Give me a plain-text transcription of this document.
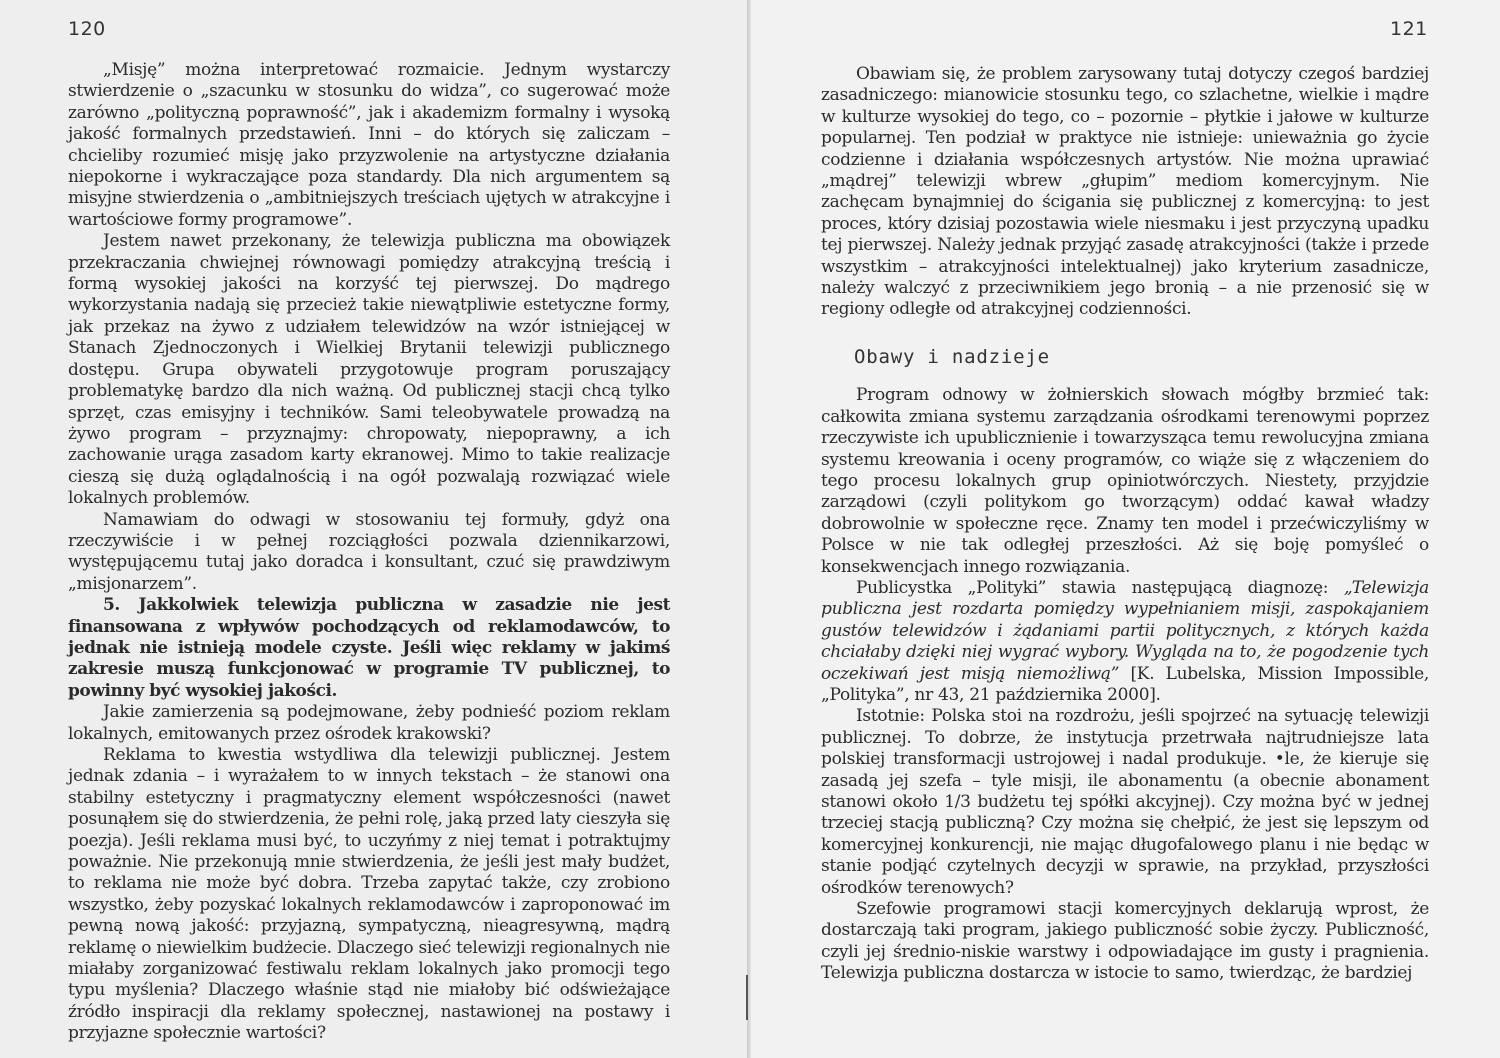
120

„Misję” można interpretować rozmaicie. Jednym wystarczy stwierdzenie o „szacunku w stosunku do widza”, co sugerować może zarówno „polityczną poprawność”, jak i akademizm formalny i wysoką jakość formalnych przedstawień. Inni – do których się zaliczam – chcieliby rozumieć misję jako przyzwolenie na artystyczne działania niepokorne i wykraczające poza standardy. Dla nich argumentem są misyjne stwierdzenia o „ambitniejszych treściach ujętych w atrakcyjne i wartościowe formy programowe”.

Jestem nawet przekonany, że telewizja publiczna ma obowiązek przekraczania chwiejnej równowagi pomiędzy atrakcyjną treścią i formą wysokiej jakości na korzyść tej pierwszej. Do mądrego wykorzystania nadają się przecież takie niewątpliwie estetyczne formy, jak przekaz na żywo z udziałem telewidzów na wzór istniejącej w Stanach Zjednoczonych i Wielkiej Brytanii telewizji publicznego dostępu. Grupa obywateli przygotowuje program poruszający problematykę bardzo dla nich ważną. Od publicznej stacji chcą tylko sprzęt, czas emisyjny i techników. Sami teleobywatele prowadzą na żywo program – przyznajmy: chropowaty, niepoprawny, a ich zachowanie urąga zasadom karty ekranowej. Mimo to takie realizacje cieszą się dużą oglądalnością i na ogół pozwalają rozwiązać wiele lokalnych problemów.

Namawiam do odwagi w stosowaniu tej formuły, gdyż ona rzeczywiście i w pełnej rozciągłości pozwala dziennikarzowi, występującemu tutaj jako doradca i konsultant, czuć się prawdziwym „misjonarzem”.

5. Jakkolwiek telewizja publiczna w zasadzie nie jest finansowana z wpływów pochodzących od reklamodawców, to jednak nie istnieją modele czyste. Jeśli więc reklamy w jakimś zakresie muszą funkcjonować w programie TV publicznej, to powinny być wysokiej jakości.

Jakie zamierzenia są podejmowane, żeby podnieść poziom reklam lokalnych, emitowanych przez ośrodek krakowski?

Reklama to kwestia wstydliwa dla telewizji publicznej. Jestem jednak zdania – i wyrażałem to w innych tekstach – że stanowi ona stabilny estetyczny i pragmatyczny element współczesności (nawet posunąłem się do stwierdzenia, że pełni rolę, jaką przed laty cieszyła się poezja). Jeśli reklama musi być, to uczyńmy z niej temat i potraktujmy poważnie. Nie przekonują mnie stwierdzenia, że jeśli jest mały budżet, to reklama nie może być dobra. Trzeba zapytać także, czy zrobiono wszystko, żeby pozyskać lokalnych reklamodawców i zaproponować im pewną nową jakość: przyjazną, sympatyczną, nieagresywną, mądrą reklamę o niewielkim budżecie. Dlaczego sieć telewizji regionalnych nie miałaby zorganizować festiwalu reklam lokalnych jako promocji tego typu myślenia? Dlaczego właśnie stąd nie miałoby bić odświeżające źródło inspiracji dla reklamy społecznej, nastawionej na postawy i przyjazne społecznie wartości?

Obawiam się, że problem zarysowany tutaj dotyczy czegoś bardziej zasadniczego: mianowicie stosunku tego, co szlachetne, wielkie i mądre w kulturze wysokiej do tego, co – pozornie – płytkie i jałowe w kulturze popularnej. Ten podział w praktyce nie istnieje: unieważnia go życie codzienne i działania współczesnych artystów. Nie można uprawiać „mądrej” telewizji wbrew „głupim” mediom komercyjnym. Nie zachęcam bynajmniej do ścigania się publicznej z komercyjną: to jest proces, który dzisiaj pozostawia wiele niesmaku i jest przyczyną upadku tej pierwszej. Należy jednak przyjąć zasadę atrakcyjności (także i przede wszystkim – atrakcyjności intelektualnej) jako kryterium zasadnicze, należy walczyć z przeciwnikiem jego bronią – a nie przenosić się w regiony odległe od atrakcyjnej codzienności.

Obawy i nadzieje

Program odnowy w żołnierskich słowach mógłby brzmieć tak: całkowita zmiana systemu zarządzania ośrodkami terenowymi poprzez rzeczywiste ich upublicznienie i towarzysząca temu rewolucyjna zmiana systemu kreowania i oceny programów, co wiąże się z włączeniem do tego procesu lokalnych grup opiniotwórczych. Niestety, przyjdzie zarządowi (czyli politykom go tworzącym) oddać kawał władzy dobrowolnie w społeczne ręce. Znamy ten model i przećwiczyliśmy w Polsce w nie tak odległej przeszłości. Aż się boję pomyśleć o konsekwencjach innego rozwiązania.

Publicystka „Polityki” stawia następującą diagnozę: „Telewizja publiczna jest rozdarta pomiędzy wypełnianiem misji, zaspokajaniem gustów telewidzów i żądaniami partii politycznych, z których każda chciałaby dzięki niej wygrać wybory. Wygląda na to, że pogodzenie tych oczekiwań jest misją niemożliwą” [K. Lubelska, Mission Impossible, „Polityka”, nr 43, 21 października 2000].

Istotnie: Polska stoi na rozdrożu, jeśli spojrzeć na sytuację telewizji publicznej. To dobrze, że instytucja przetrwała najtrudniejsze lata polskiej transformacji ustrojowej i nadal produkuje. •le, że kieruje się zasadą jej szefa – tyle misji, ile abonamentu (a obecnie abonament stanowi około 1/3 budżetu tej spółki akcyjnej). Czy można być w jednej trzeciej stacją publiczną? Czy można się chełpić, że jest się lepszym od komercyjnej konkurencji, nie mając długofalowego planu i nie będąc w stanie podjąć czytelnych decyzji w sprawie, na przykład, przyszłości ośrodków terenowych?

Szefowie programowi stacji komercyjnych deklarują wprost, że dostarczają taki program, jakiego publiczność sobie życzy. Publiczność, czyli jej średnio-niskie warstwy i odpowiadające im gusty i pragnienia. Telewizja publiczna dostarcza w istocie to samo, twierdząc, że bardziej

121
